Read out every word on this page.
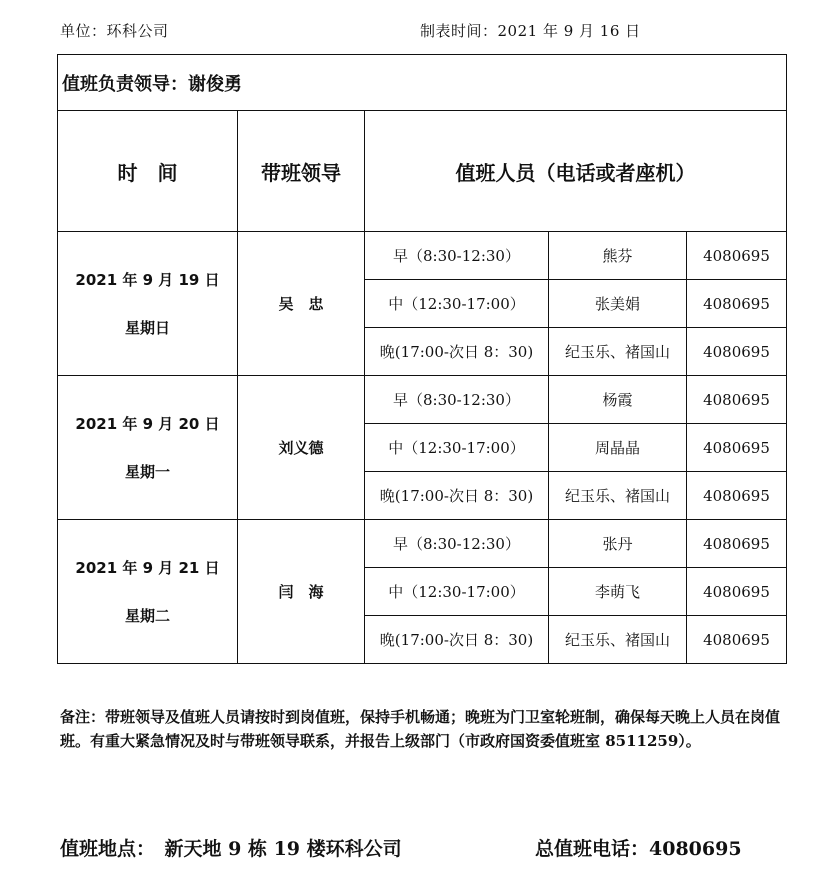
单位：环科公司	制表时间：2021 年 9 月 16 日
值班负责领导：谢俊勇				
时　间	带班领导	值班人员（电话或者座机）		

2021 年 9 月 19 日
星期日	吴　忠	早（8:30-12:30）	熊芬	4080695
		中（12:30-17:00）	张美娟	4080695
		晚(17:00-次日 8：30)	纪玉乐、褚国山	4080695

2021 年 9 月 20 日
星期一	刘义德	早（8:30-12:30）	杨霞	4080695
		中（12:30-17:00）	周晶晶	4080695
		晚(17:00-次日 8：30)	纪玉乐、褚国山	4080695

2021 年 9 月 21 日
星期二	闫　海	早（8:30-12:30）	张丹	4080695
		中（12:30-17:00）	李萌飞	4080695
		晚(17:00-次日 8：30)	纪玉乐、褚国山	4080695
备注：带班领导及值班人员请按时到岗值班，保持手机畅通；晚班为门卫室轮班制，确保每天晚上人员在岗值班。有重大紧急情况及时与带班领导联系，并报告上级部门（市政府国资委值班室 8511259）。
值班地点：　新天地 9 栋 19 楼环科公司	总值班电话：4080695
